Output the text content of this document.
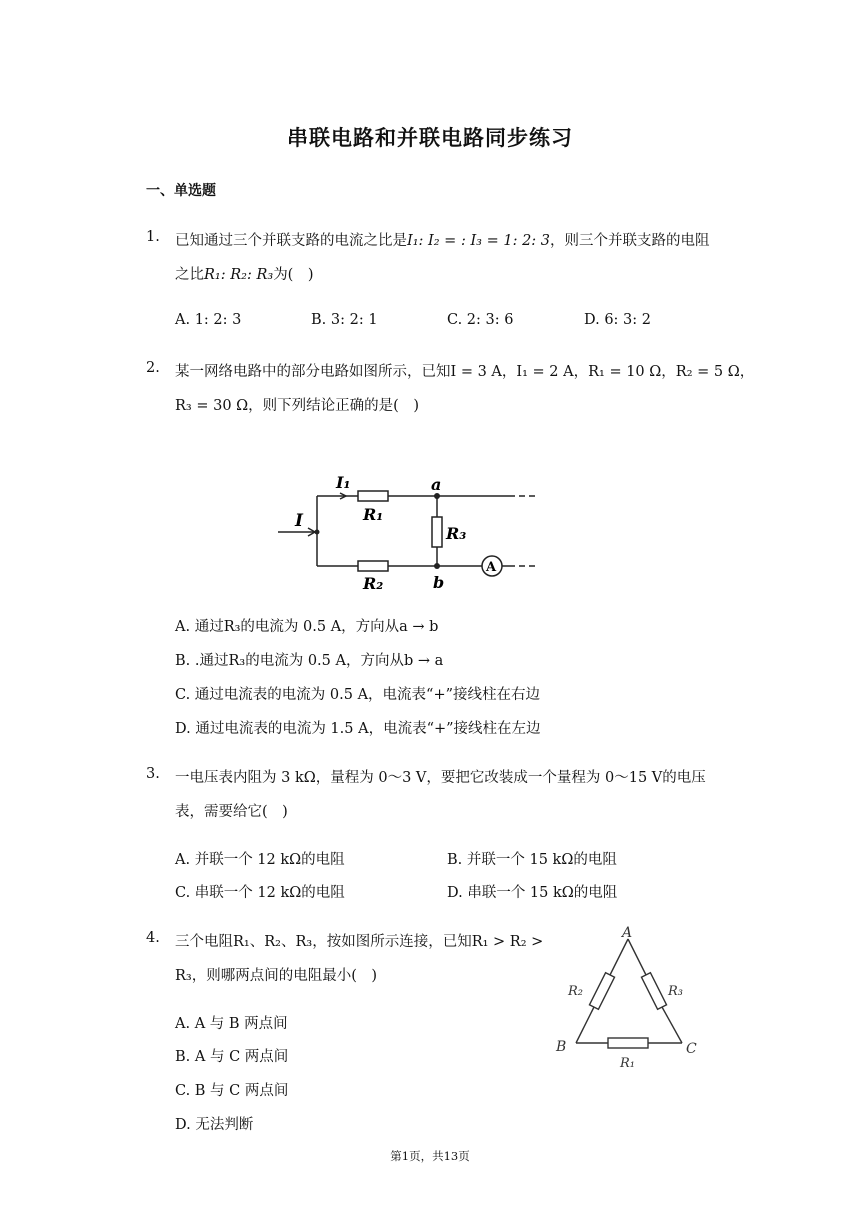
串联电路和并联电路同步练习
一、单选题
1. 已知通过三个并联支路的电流之比是I₁: I₂ = : I₃ = 1: 2: 3，则三个并联支路的电阻
之比R₁: R₂: R₃为(　)
A. 1: 2: 3	B. 3: 2: 1	C. 2: 3: 6	D. 6: 3: 2
2. 某一网络电路中的部分电路如图所示，已知I = 3 A，I₁ = 2 A，R₁ = 10 Ω，R₂ = 5 Ω，
R₃ = 30 Ω，则下列结论正确的是(　)
I
I₁
R₁
R₂
R₃
a
b
A
A. 通过R₃的电流为 0.5 A，方向从a → b
B. .通过R₃的电流为 0.5 A，方向从b → a
C. 通过电流表的电流为 0.5 A，电流表“+”接线柱在右边
D. 通过电流表的电流为 1.5 A，电流表“+”接线柱在左边
3. 一电压表内阻为 3 kΩ，量程为 0～3 V，要把它改装成一个量程为 0～15 V的电压
表，需要给它(　)
A. 并联一个 12 kΩ的电阻	B. 并联一个 15 kΩ的电阻
C. 串联一个 12 kΩ的电阻	D. 串联一个 15 kΩ的电阻
4. 三个电阻R₁、R₂、R₃，按如图所示连接，已知R₁ > R₂ >
R₃，则哪两点间的电阻最小(　)
A
B	C
R₂	R₃
R₁
A. A 与 B 两点间
B. A 与 C 两点间
C. B 与 C 两点间
D. 无法判断
第1页，共13页
